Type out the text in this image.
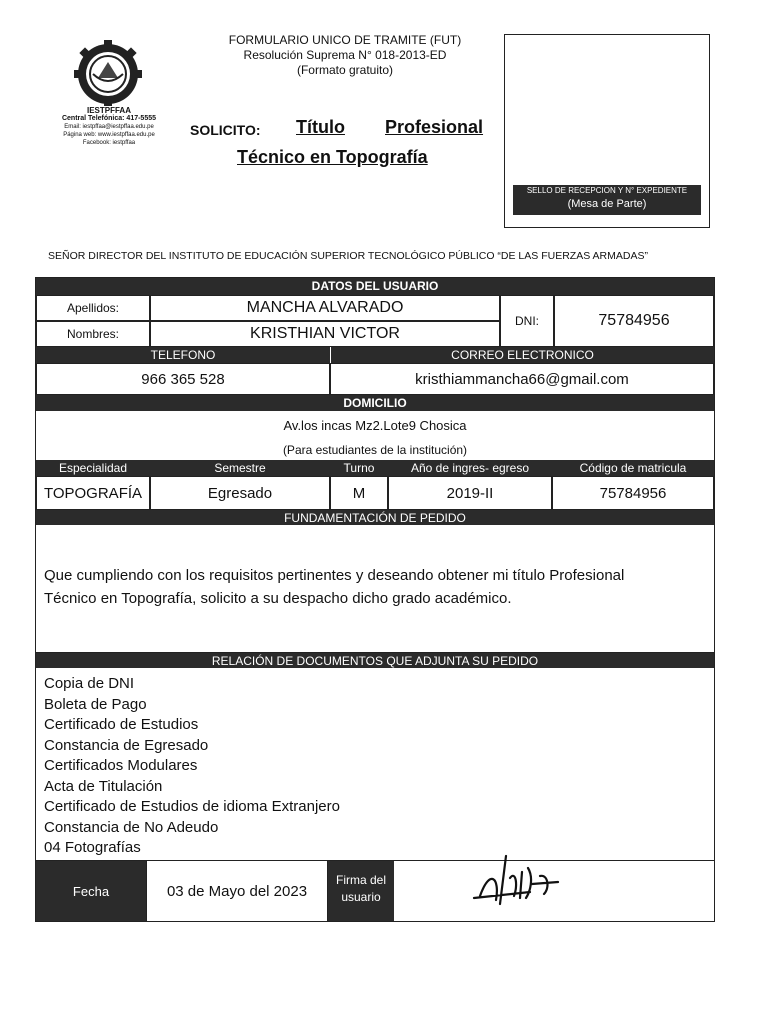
IESTPFFAA
Central Telefónica: 417-5555
Email: iestpffaa@iestpffaa.edu.pe
Página web: www.iestpffaa.edu.pe
Facebook: iestpffaa
FORMULARIO UNICO DE TRAMITE (FUT)
Resolución Suprema N° 018-2013-ED
(Formato gratuito)
SOLICITO: Título Profesional
Técnico en Topografía
SELLO DE RECEPCION Y N° EXPEDIENTE
(Mesa de Parte)
SEÑOR DIRECTOR DEL INSTITUTO DE EDUCACIÓN SUPERIOR TECNOLÓGICO PÚBLICO “DE LAS FUERZAS ARMADAS”
DATOS DEL USUARIO
Apellidos:	MANCHA ALVARADO
Nombres:	KRISTHIAN VICTOR
DNI:	75784956
TELEFONO	CORREO ELECTRONICO
966 365 528	kristhiammancha66@gmail.com
DOMICILIO
Av.los incas Mz2.Lote9 Chosica
(Para estudiantes de la institución)
Especialidad	Semestre	Turno	Año de ingres- egreso	Código de matricula
TOPOGRAFÍA	Egresado	M	2019-II	75784956
FUNDAMENTACIÓN DE PEDIDO
Que cumpliendo con los requisitos pertinentes y deseando obtener mi título Profesional
Técnico en Topografía, solicito a su despacho dicho grado académico.
RELACIÓN DE DOCUMENTOS QUE ADJUNTA SU PEDIDO
Copia de DNI
Boleta de Pago
Certificado de Estudios
Constancia de Egresado
Certificados Modulares
Acta de Titulación
Certificado de Estudios de idioma Extranjero
Constancia de No Adeudo
04 Fotografías
Fecha	03 de Mayo del 2023
Firma del
usuario
